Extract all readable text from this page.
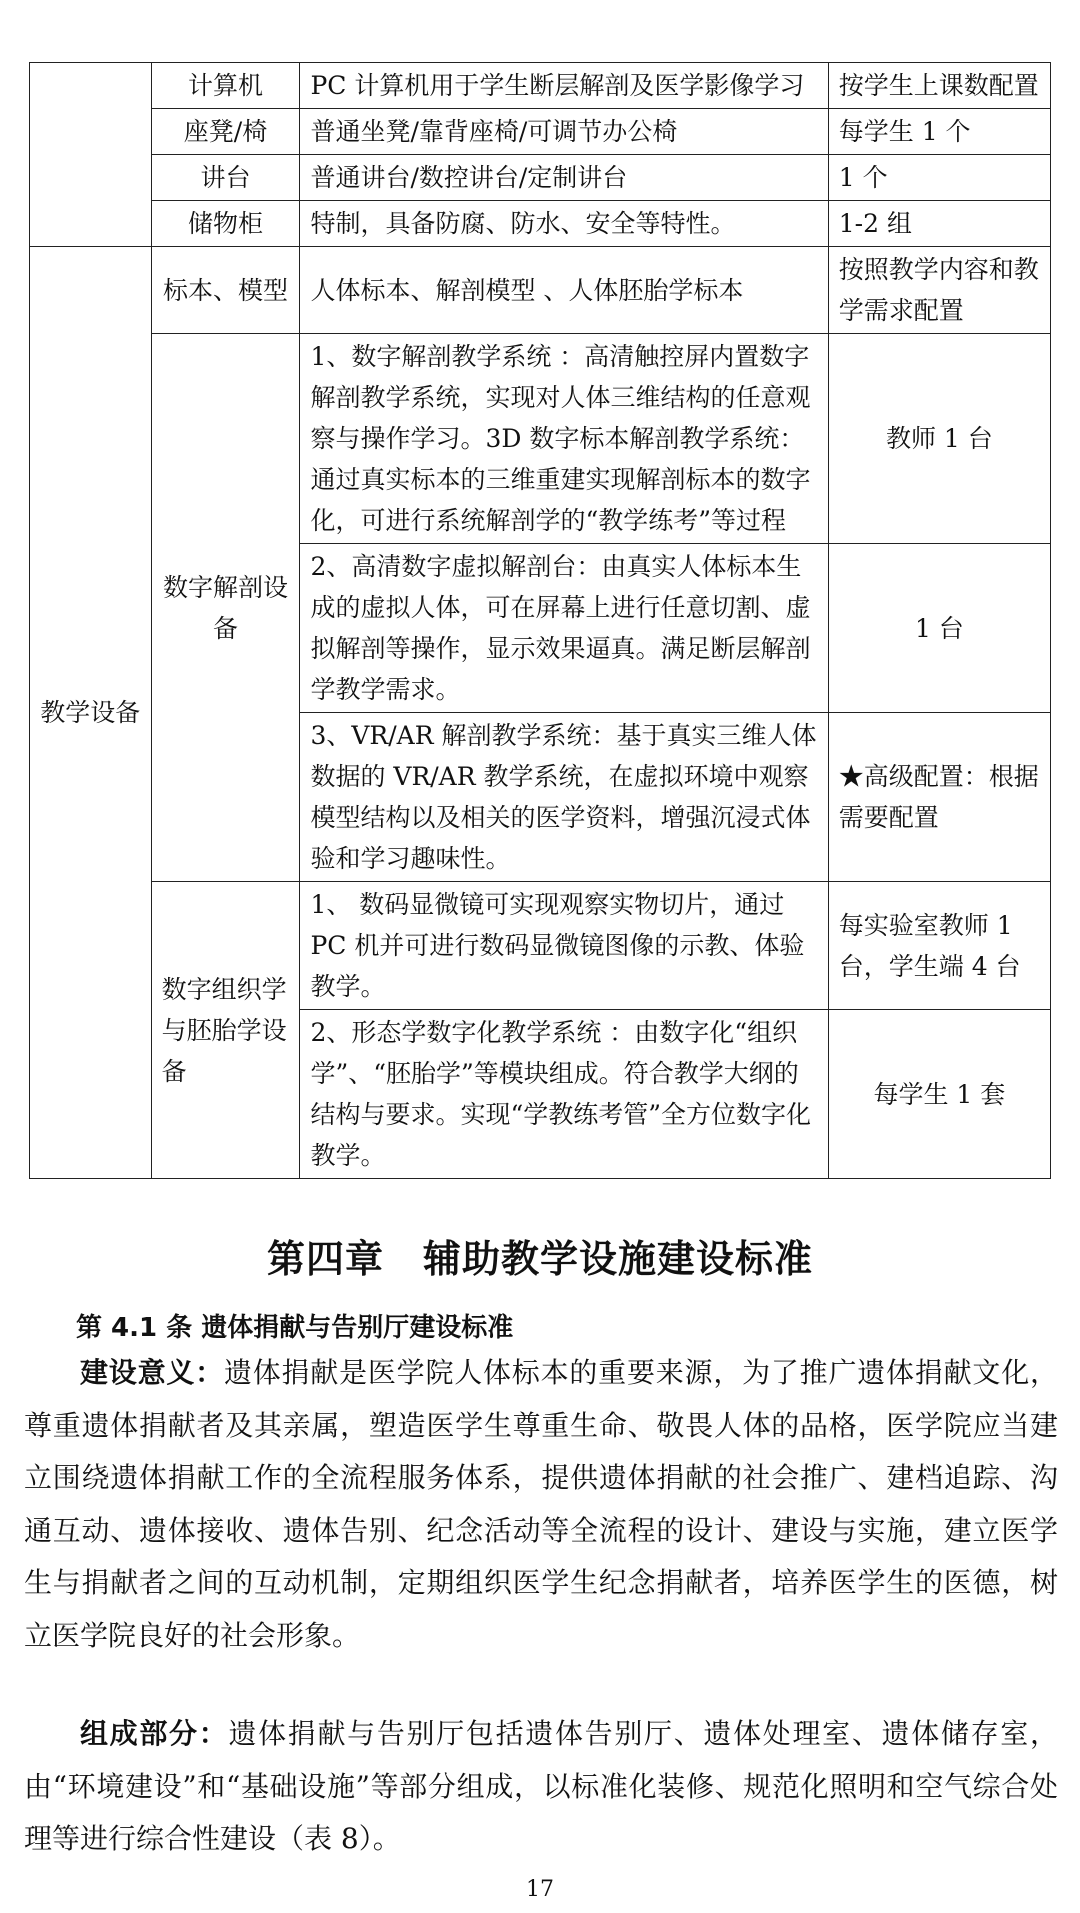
	计算机	PC 计算机用于学生断层解剖及医学影像学习	按学生上课数配置
	座凳/椅	普通坐凳/靠背座椅/可调节办公椅	每学生 1 个
	讲台	普通讲台/数控讲台/定制讲台	1 个
	储物柜	特制，具备防腐、防水、安全等特性。	1-2 组
教学设备	标本、模型	人体标本、解剖模型 、人体胚胎学标本	按照教学内容和教学需求配置
	数字解剖设备	1、数字解剖教学系统 ：高清触控屏内置数字解剖教学系统，实现对人体三维结构的任意观察与操作学习。3D 数字标本解剖教学系统：通过真实标本的三维重建实现解剖标本的数字化，可进行系统解剖学的“教学练考”等过程	教师 1 台
		2、高清数字虚拟解剖台：由真实人体标本生成的虚拟人体，可在屏幕上进行任意切割、虚拟解剖等操作，显示效果逼真。满足断层解剖学教学需求。	1 台
		3、VR/AR 解剖教学系统：基于真实三维人体数据的 VR/AR 教学系统，在虚拟环境中观察模型结构以及相关的医学资料，增强沉浸式体验和学习趣味性。	★高级配置：根据需要配置
	数字组织学与胚胎学设备	1、 数码显微镜可实现观察实物切片，通过 PC 机并可进行数码显微镜图像的示教、体验教学。	每实验室教师 1 台，学生端 4 台
		2、形态学数字化教学系统 ：由数字化“组织学”、“胚胎学”等模块组成。符合教学大纲的结构与要求。实现“学教练考管”全方位数字化教学。	每学生 1 套
第四章　辅助教学设施建设标准
第 4.1 条 遗体捐献与告别厅建设标准

建设意义：遗体捐献是医学院人体标本的重要来源，为了推广遗体捐献文化，尊重遗体捐献者及其亲属，塑造医学生尊重生命、敬畏人体的品格，医学院应当建立围绕遗体捐献工作的全流程服务体系，提供遗体捐献的社会推广、建档追踪、沟通互动、遗体接收、遗体告别、纪念活动等全流程的设计、建设与实施，建立医学生与捐献者之间的互动机制，定期组织医学生纪念捐献者，培养医学生的医德，树立医学院良好的社会形象。

组成部分：遗体捐献与告别厅包括遗体告别厅、遗体处理室、遗体储存室，由“环境建设”和“基础设施”等部分组成，以标准化装修、规范化照明和空气综合处理等进行综合性建设（表 8）。

17
